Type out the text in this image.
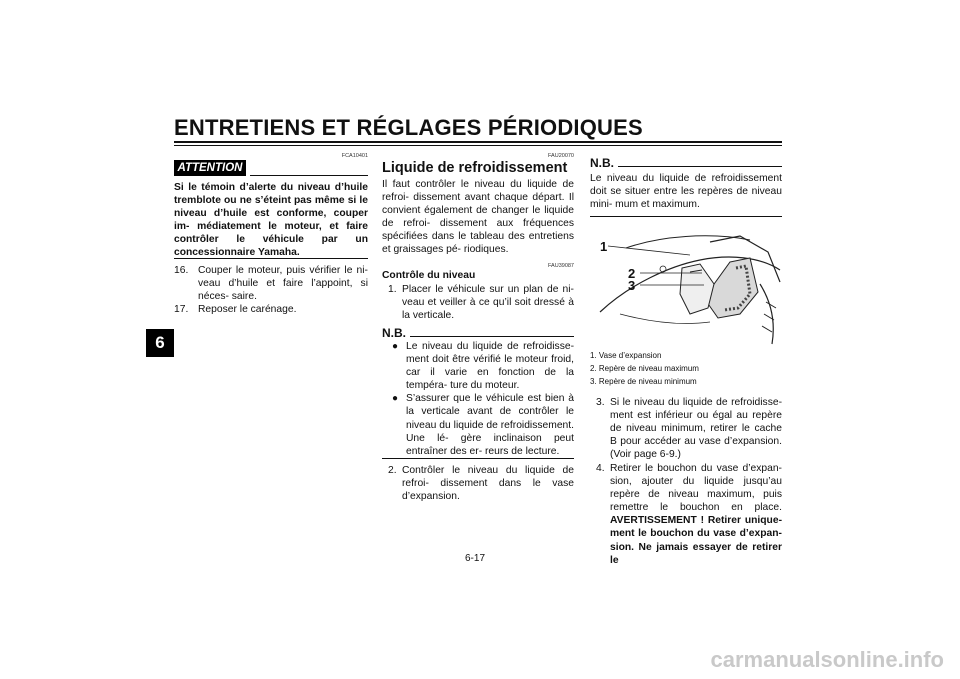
ENTRETIENS ET RÉGLAGES PÉRIODIQUES
6
FCA10401
ATTENTION
Si le témoin d’alerte du niveau d’huile tremblote ou ne s’éteint pas même si le niveau d’huile est conforme, couper im- médiatement le moteur, et faire contrôler le véhicule par un concessionnaire Yamaha.
16. Couper le moteur, puis vérifier le ni- veau d’huile et faire l’appoint, si néces- saire.
17. Reposer le carénage.
FAU20070
Liquide de refroidissement
Il faut contrôler le niveau du liquide de refroi- dissement avant chaque départ. Il convient également de changer le liquide de refroi- dissement aux fréquences spécifiées dans le tableau des entretiens et graissages pé- riodiques.
FAU39087
Contrôle du niveau
1. Placer le véhicule sur un plan de ni- veau et veiller à ce qu’il soit dressé à la verticale.
N.B.
● Le niveau du liquide de refroidisse- ment doit être vérifié le moteur froid, car il varie en fonction de la tempéra- ture du moteur.
● S’assurer que le véhicule est bien à la verticale avant de contrôler le niveau du liquide de refroidissement. Une lé- gère inclinaison peut entraîner des er- reurs de lecture.
2. Contrôler le niveau du liquide de refroi- dissement dans le vase d’expansion.
N.B.
Le niveau du liquide de refroidissement doit se situer entre les repères de niveau mini- mum et maximum.
1
2
3
1. Vase d’expansion
2. Repère de niveau maximum
3. Repère de niveau minimum
3. Si le niveau du liquide de refroidisse- ment est inférieur ou égal au repère de niveau minimum, retirer le cache B pour accéder au vase d’expansion. (Voir page 6-9.)
4. Retirer le bouchon du vase d’expan- sion, ajouter du liquide jusqu’au repère de niveau maximum, puis remettre le bouchon en place. AVERTISSEMENT ! Retirer unique- ment le bouchon du vase d’expan- sion. Ne jamais essayer de retirer le
6-17
carmanualsonline.info
